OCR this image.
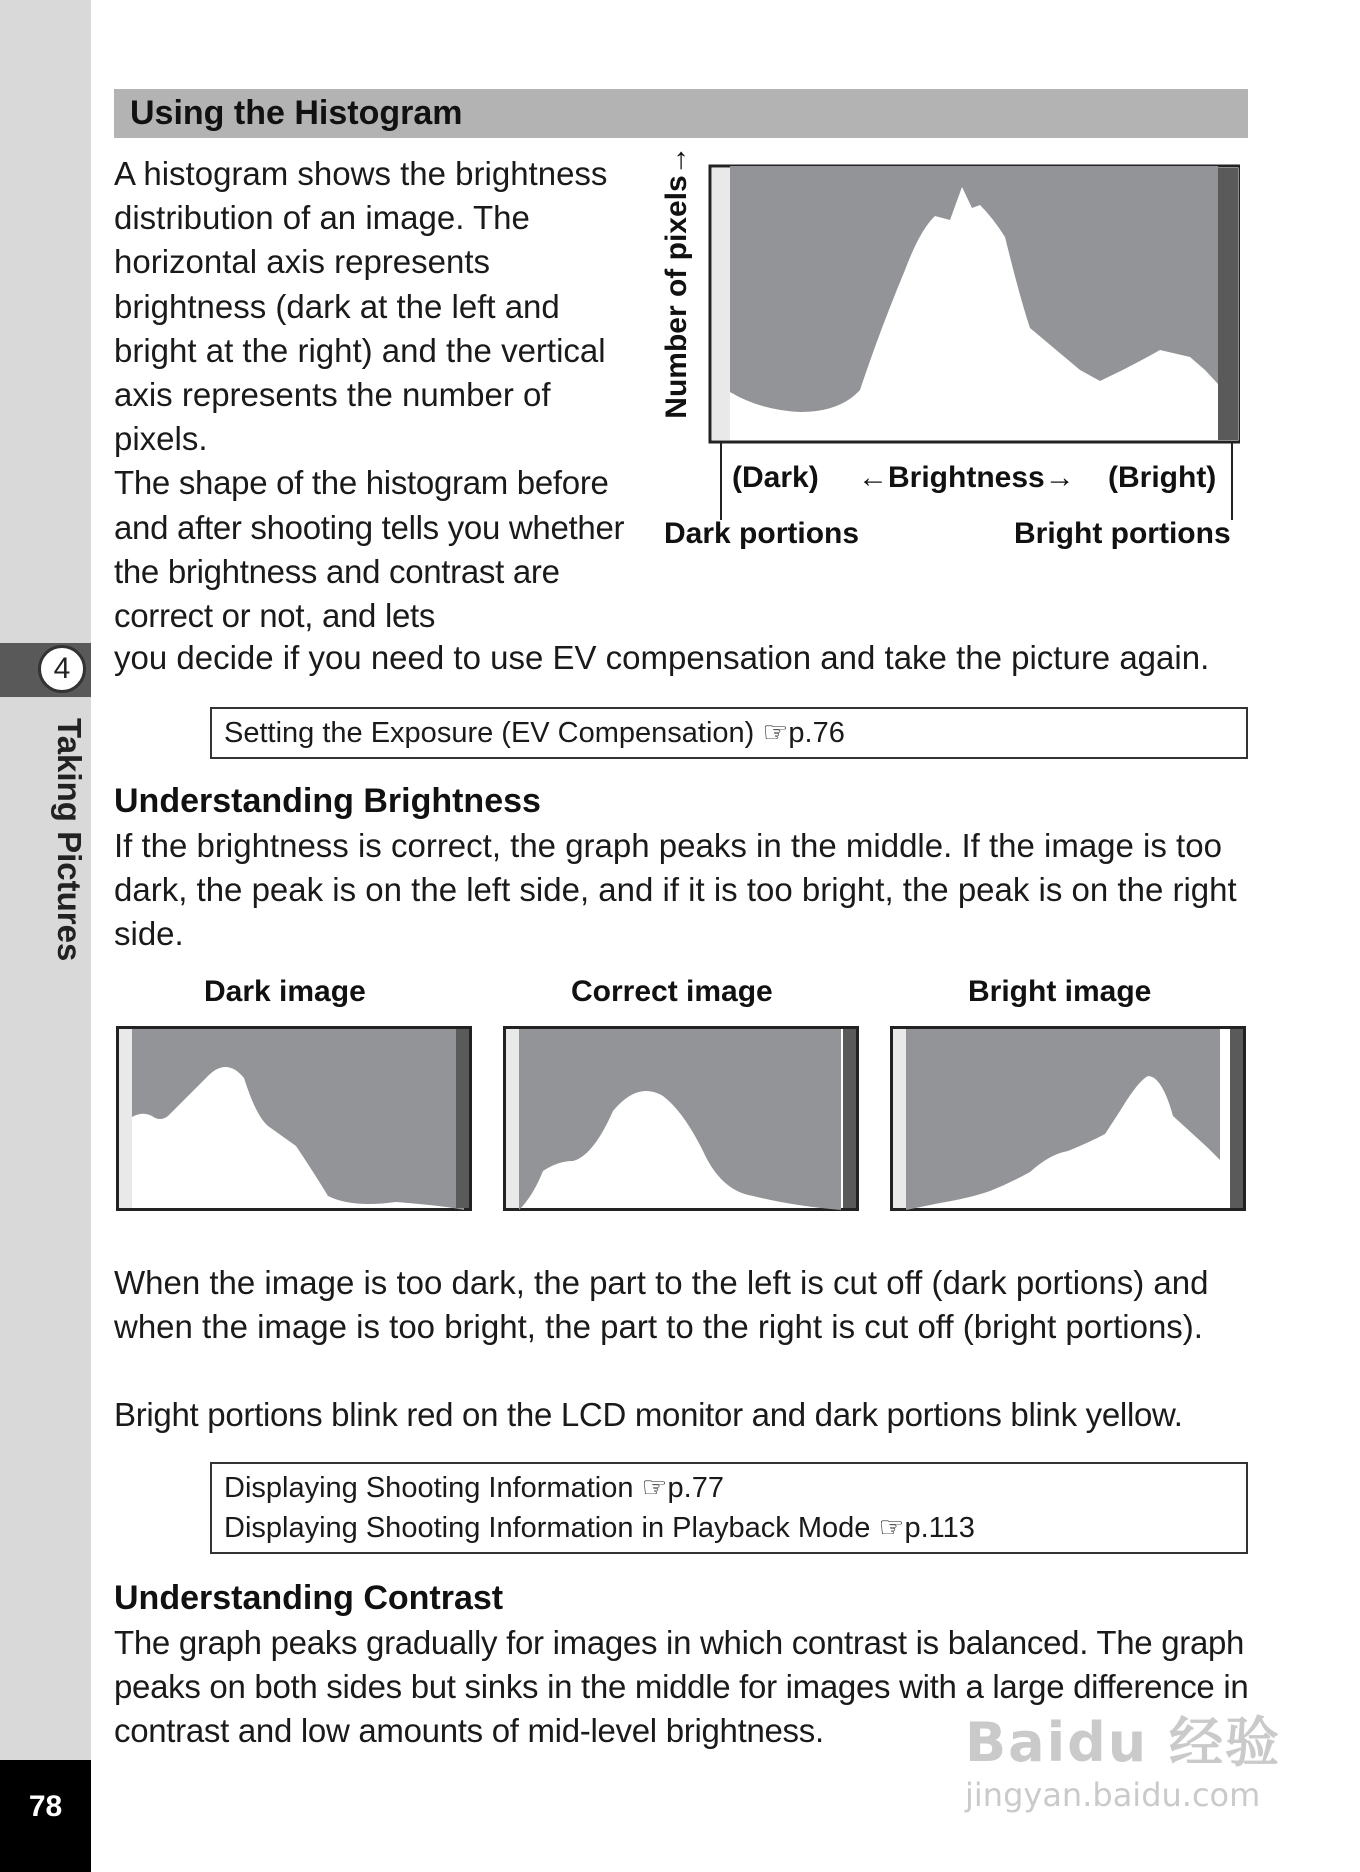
4
Taking Pictures
78
Using the Histogram
A histogram shows the brightness distribution of an image. The horizontal axis represents brightness (dark at the left and bright at the right) and the vertical axis represents the number of pixels.
The shape of the histogram before and after shooting tells you whether the brightness and contrast are correct or not, and lets
you decide if you need to use EV compensation and take the picture again.
Number of pixels→
(Dark) ←Brightness→ (Bright)
Dark portions	Bright portions
Setting the Exposure (EV Compensation) ☞p.76
Understanding Brightness
If the brightness is correct, the graph peaks in the middle. If the image is too dark, the peak is on the left side, and if it is too bright, the peak is on the right side.
Dark image	Correct image	Bright image
When the image is too dark, the part to the left is cut off (dark portions) and when the image is too bright, the part to the right is cut off (bright portions).
Bright portions blink red on the LCD monitor and dark portions blink yellow.
Displaying Shooting Information ☞p.77
Displaying Shooting Information in Playback Mode ☞p.113
Understanding Contrast
The graph peaks gradually for images in which contrast is balanced. The graph peaks on both sides but sinks in the middle for images with a large difference in contrast and low amounts of mid-level brightness.	Baidu 经验
jingyan.baidu.com
